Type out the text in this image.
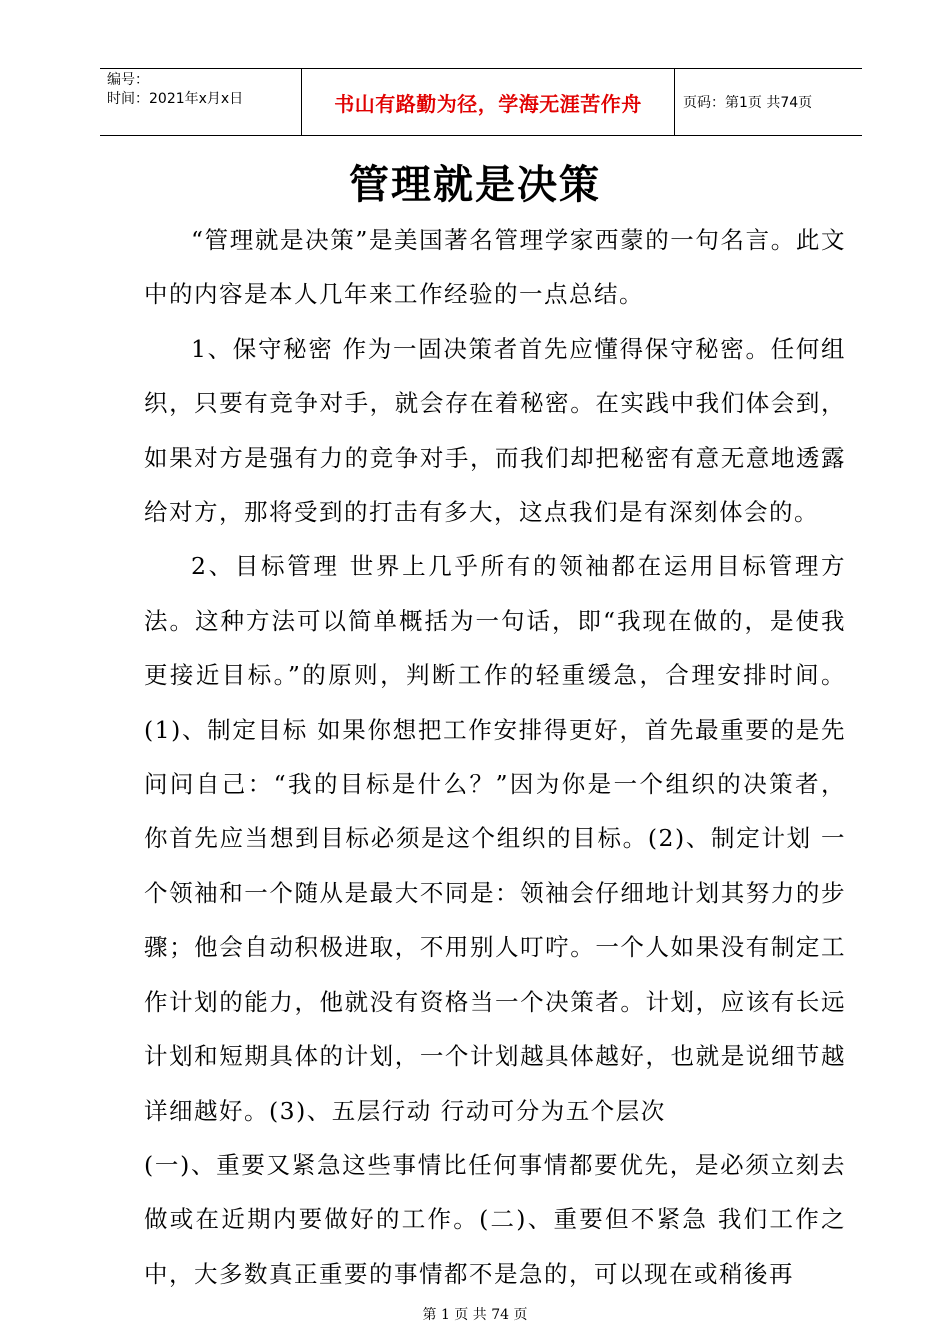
编号：
时间：2021年x月x日	书山有路勤为径，学海无涯苦作舟	页码：第1页 共74页
管理就是决策

“管理就是决策”是美国著名管理学家西蒙的一句名言。此文中的内容是本人几年来工作经验的一点总结。

1、保守秘密 作为一固决策者首先应懂得保守秘密。任何组织，只要有竞争对手，就会存在着秘密。在实践中我们体会到，如果对方是强有力的竞争对手，而我们却把秘密有意无意地透露给对方，那将受到的打击有多大，这点我们是有深刻体会的。

2、目标管理 世界上几乎所有的领袖都在运用目标管理方法。这种方法可以简单概括为一句话，即“我现在做的，是使我更接近目标。”的原则，判断工作的轻重缓急，合理安排时间。(1)、制定目标 如果你想把工作安排得更好，首先最重要的是先问问自己：“我的目标是什么？”因为你是一个组织的决策者，你首先应当想到目标必须是这个组织的目标。(2)、制定计划 一个领袖和一个随从是最大不同是：领袖会仔细地计划其努力的步骤；他会自动积极进取，不用别人叮咛。一个人如果没有制定工作计划的能力，他就没有资格当一个决策者。计划，应该有长远计划和短期具体的计划，一个计划越具体越好，也就是说细节越详细越好。(3)、五层行动 行动可分为五个层次

(一)、重要又紧急这些事情比任何事情都要优先，是必须立刻去做或在近期内要做好的工作。(二)、重要但不紧急 我们工作之中，大多数真正重要的事情都不是急的，可以现在或稍後再

第 1 页 共 74 页
